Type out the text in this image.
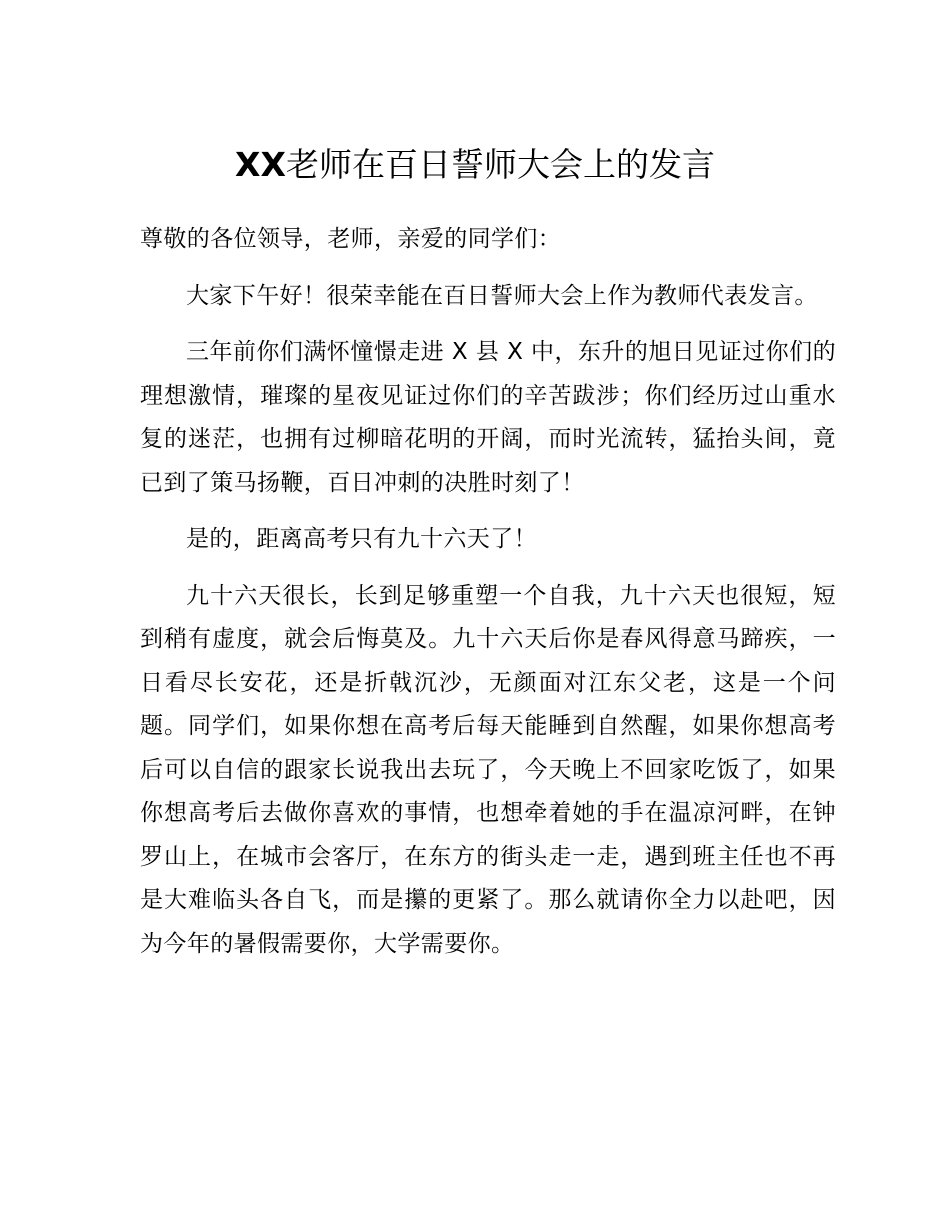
XX老师在百日誓师大会上的发言

尊敬的各位领导，老师，亲爱的同学们：

大家下午好！很荣幸能在百日誓师大会上作为教师代表发言。

三年前你们满怀憧憬走进 X 县 X 中，东升的旭日见证过你们的理想激情，璀璨的星夜见证过你们的辛苦跋涉；你们经历过山重水复的迷茫，也拥有过柳暗花明的开阔，而时光流转，猛抬头间，竟已到了策马扬鞭，百日冲刺的决胜时刻了！

是的，距离高考只有九十六天了！

九十六天很长，长到足够重塑一个自我，九十六天也很短，短到稍有虚度，就会后悔莫及。九十六天后你是春风得意马蹄疾，一日看尽长安花，还是折戟沉沙，无颜面对江东父老，这是一个问题。同学们，如果你想在高考后每天能睡到自然醒，如果你想高考后可以自信的跟家长说我出去玩了，今天晚上不回家吃饭了，如果你想高考后去做你喜欢的事情，也想牵着她的手在温凉河畔，在钟罗山上，在城市会客厅，在东方的街头走一走，遇到班主任也不再是大难临头各自飞，而是攥的更紧了。那么就请你全力以赴吧，因为今年的暑假需要你，大学需要你。
